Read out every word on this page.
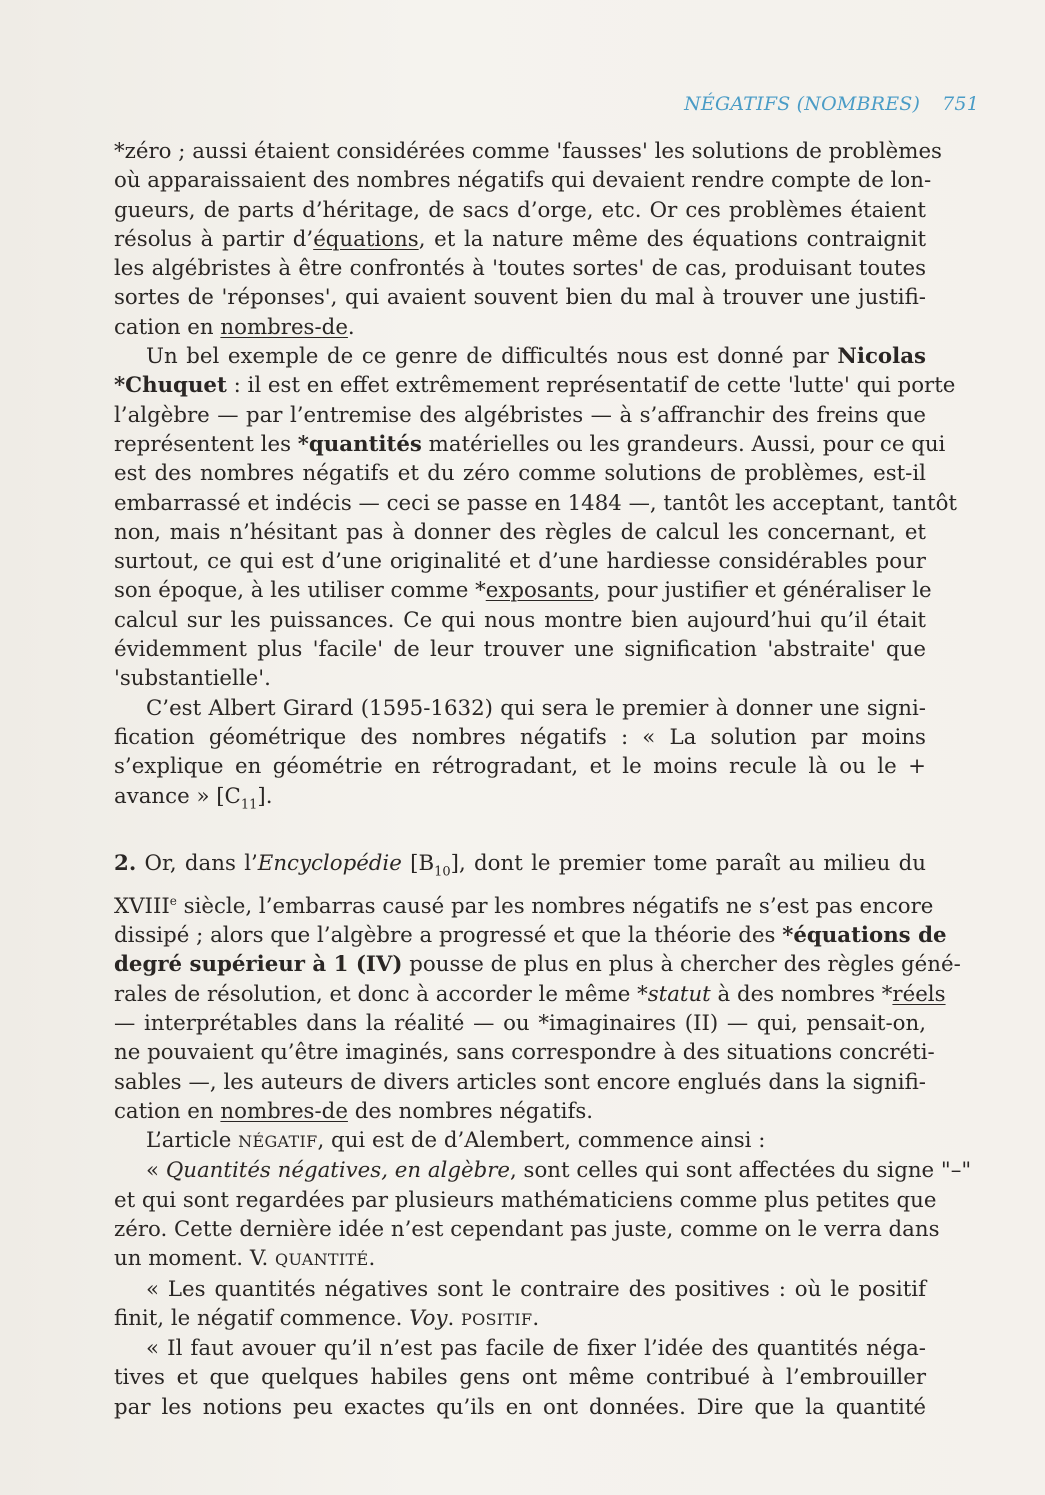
NÉGATIFS (NOMBRES) 751

*zéro ; aussi étaient considérées comme 'fausses' les solutions de problèmes
où apparaissaient des nombres négatifs qui devaient rendre compte de lon-
gueurs, de parts d’héritage, de sacs d’orge, etc. Or ces problèmes étaient
résolus à partir d’équations, et la nature même des équations contraignit
les algébristes à être confrontés à 'toutes sortes' de cas, produisant toutes
sortes de 'réponses', qui avaient souvent bien du mal à trouver une justifi-
cation en nombres-de.

Un bel exemple de ce genre de difficultés nous est donné par Nicolas
*Chuquet : il est en effet extrêmement représentatif de cette 'lutte' qui porte
l’algèbre — par l’entremise des algébristes — à s’affranchir des freins que
représentent les *quantités matérielles ou les grandeurs. Aussi, pour ce qui
est des nombres négatifs et du zéro comme solutions de problèmes, est-il
embarrassé et indécis — ceci se passe en 1484 —, tantôt les acceptant, tantôt
non, mais n’hésitant pas à donner des règles de calcul les concernant, et
surtout, ce qui est d’une originalité et d’une hardiesse considérables pour
son époque, à les utiliser comme *exposants, pour justifier et généraliser le
calcul sur les puissances. Ce qui nous montre bien aujourd’hui qu’il était
évidemment plus 'facile' de leur trouver une signification 'abstraite' que
'substantielle'.

C’est Albert Girard (1595-1632) qui sera le premier à donner une signi-
fication géométrique des nombres négatifs : « La solution par moins
s’explique en géométrie en rétrogradant, et le moins recule là ou le +
avance » $[C_{11}]$.

2. Or, dans l’Encyclopédie $[B_{10}]$, dont le premier tome paraît au milieu du
XVIIIe siècle, l’embarras causé par les nombres négatifs ne s’est pas encore
dissipé ; alors que l’algèbre a progressé et que la théorie des *équations de
degré supérieur à 1 (IV) pousse de plus en plus à chercher des règles géné-
rales de résolution, et donc à accorder le même *statut à des nombres *réels
— interprétables dans la réalité — ou *imaginaires (II) — qui, pensait-on,
ne pouvaient qu’être imaginés, sans correspondre à des situations concréti-
sables —, les auteurs de divers articles sont encore englués dans la signifi-
cation en nombres-de des nombres négatifs.

L’article NÉGATIF, qui est de d’Alembert, commence ainsi :

« Quantités négatives, en algèbre, sont celles qui sont affectées du signe "–"
et qui sont regardées par plusieurs mathématiciens comme plus petites que
zéro. Cette dernière idée n’est cependant pas juste, comme on le verra dans
un moment. V. QUANTITÉ.

« Les quantités négatives sont le contraire des positives : où le positif
finit, le négatif commence. Voy. POSITIF.

« Il faut avouer qu’il n’est pas facile de fixer l’idée des quantités néga-
tives et que quelques habiles gens ont même contribué à l’embrouiller
par les notions peu exactes qu’ils en ont données. Dire que la quantité
